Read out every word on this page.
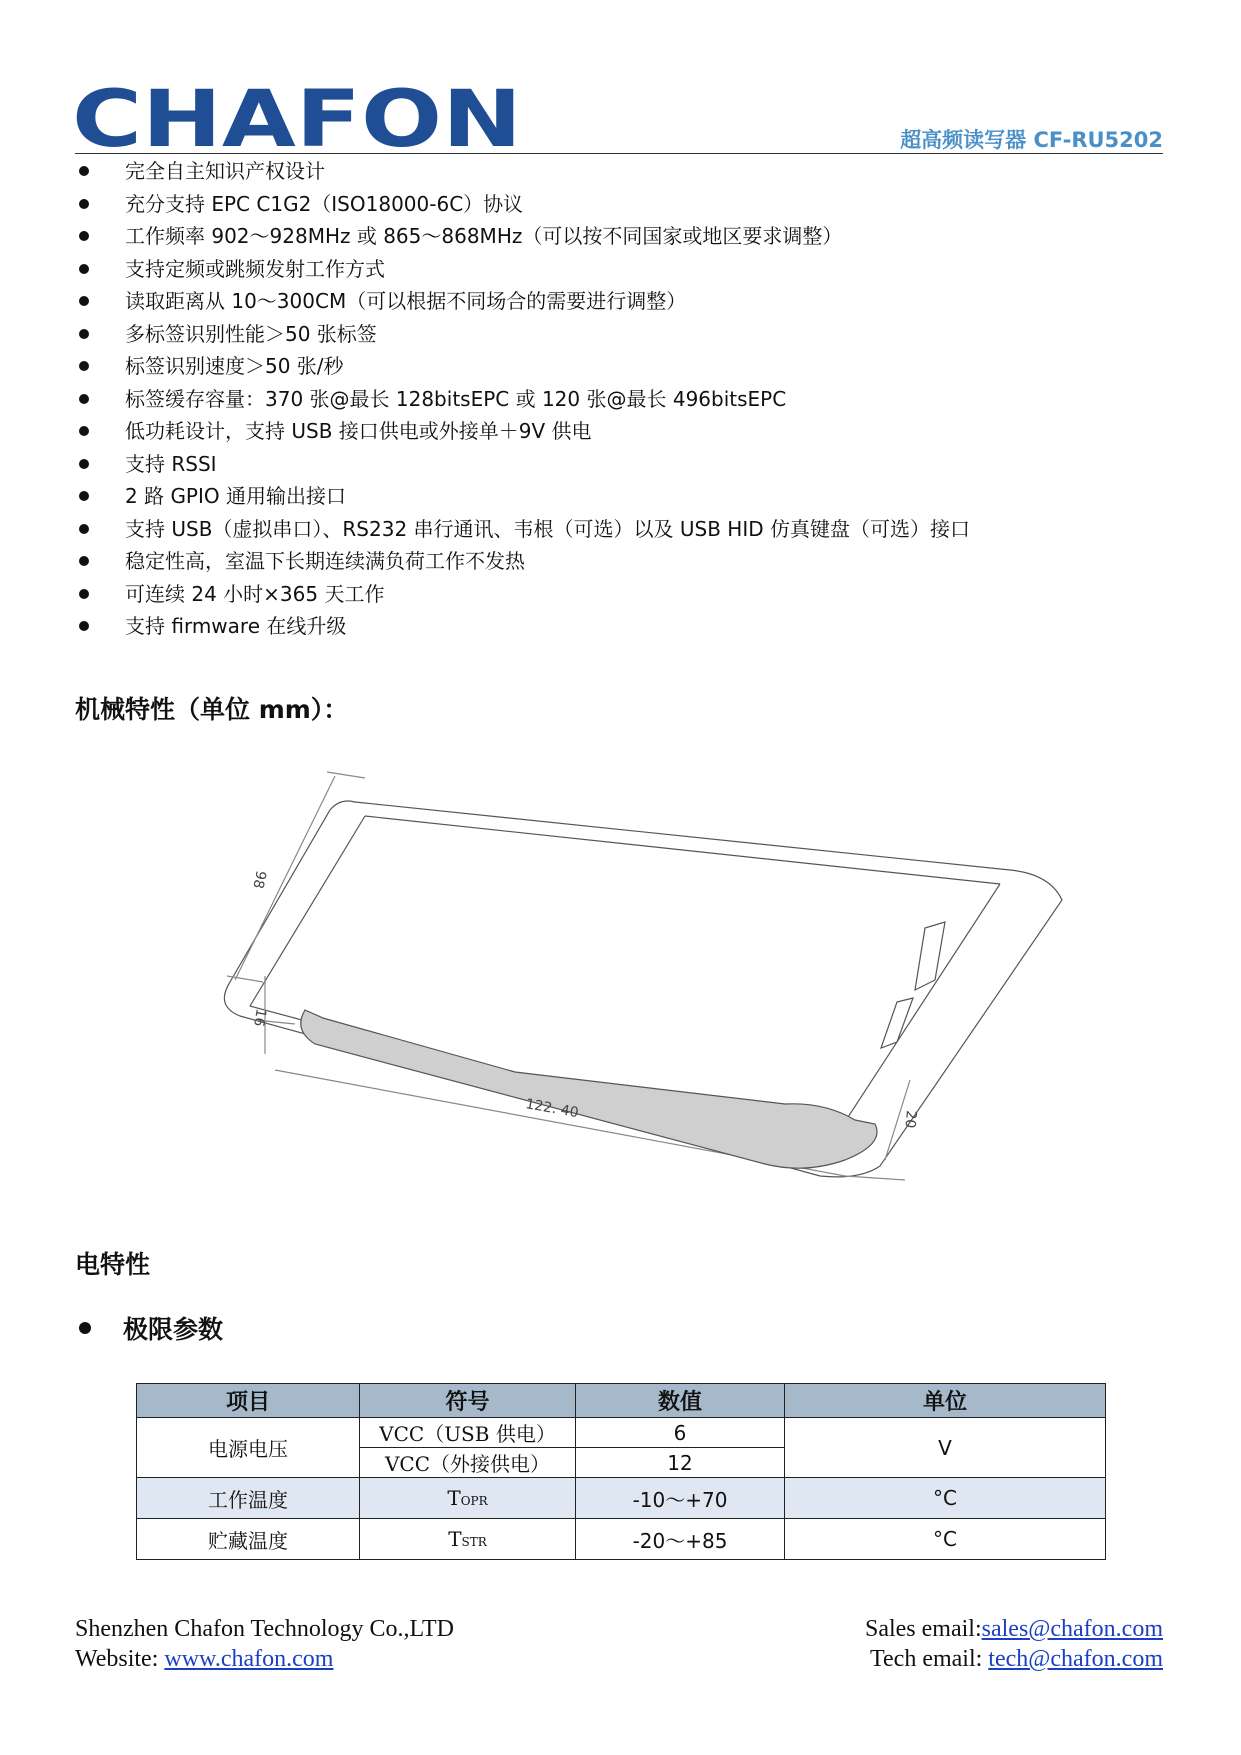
CHAFON	超高频读写器 CF-RU5202
完全自主知识产权设计
充分支持 EPC C1G2（ISO18000-6C）协议
工作频率 902～928MHz 或 865～868MHz（可以按不同国家或地区要求调整）
支持定频或跳频发射工作方式
读取距离从 10～300CM（可以根据不同场合的需要进行调整）
多标签识别性能＞50 张标签
标签识别速度＞50 张/秒
标签缓存容量：370 张@最长 128bitsEPC 或 120 张@最长 496bitsEPC
低功耗设计，支持 USB 接口供电或外接单＋9V 供电
支持 RSSI
2 路 GPIO 通用输出接口
支持 USB（虚拟串口）、RS232 串行通讯、韦根（可选）以及 USB HID 仿真键盘（可选）接口
稳定性高，室温下长期连续满负荷工作不发热
可连续 24 小时×365 天工作
支持 firmware 在线升级
机械特性（单位 mm）：
98
16
122. 40	20
电特性
极限参数
项目	符号	数值	单位
电源电压	VCC（USB 供电）	6	V
	VCC（外接供电）	12	
工作温度	TOPR	-10～+70	°C
贮藏温度	TSTR	-20～+85	°C
Shenzhen Chafon Technology Co.,LTD
Website: www.chafon.com
Sales email:sales@chafon.com
Tech email: tech@chafon.com
